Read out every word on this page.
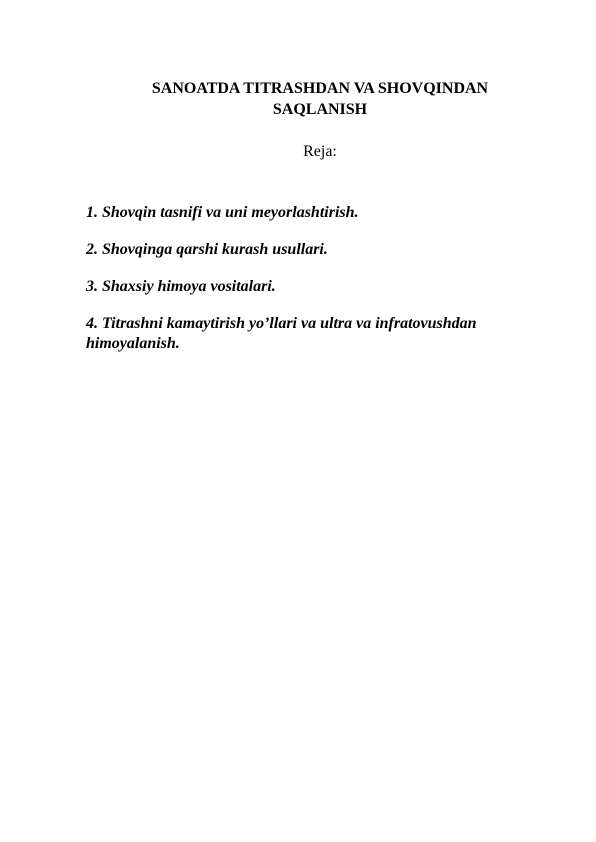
SANOATDA TITRASHDAN VA SHOVQINDAN SAQLANISH

Reja:

1. Shovqin tasnifi va uni meyorlashtirish.
2. Shovqinga qarshi kurash usullari.
3. Shaxsiy himoya vositalari.
4. Titrashni kamaytirish yo’llari va ultra va infratovushdan himoyalanish.
